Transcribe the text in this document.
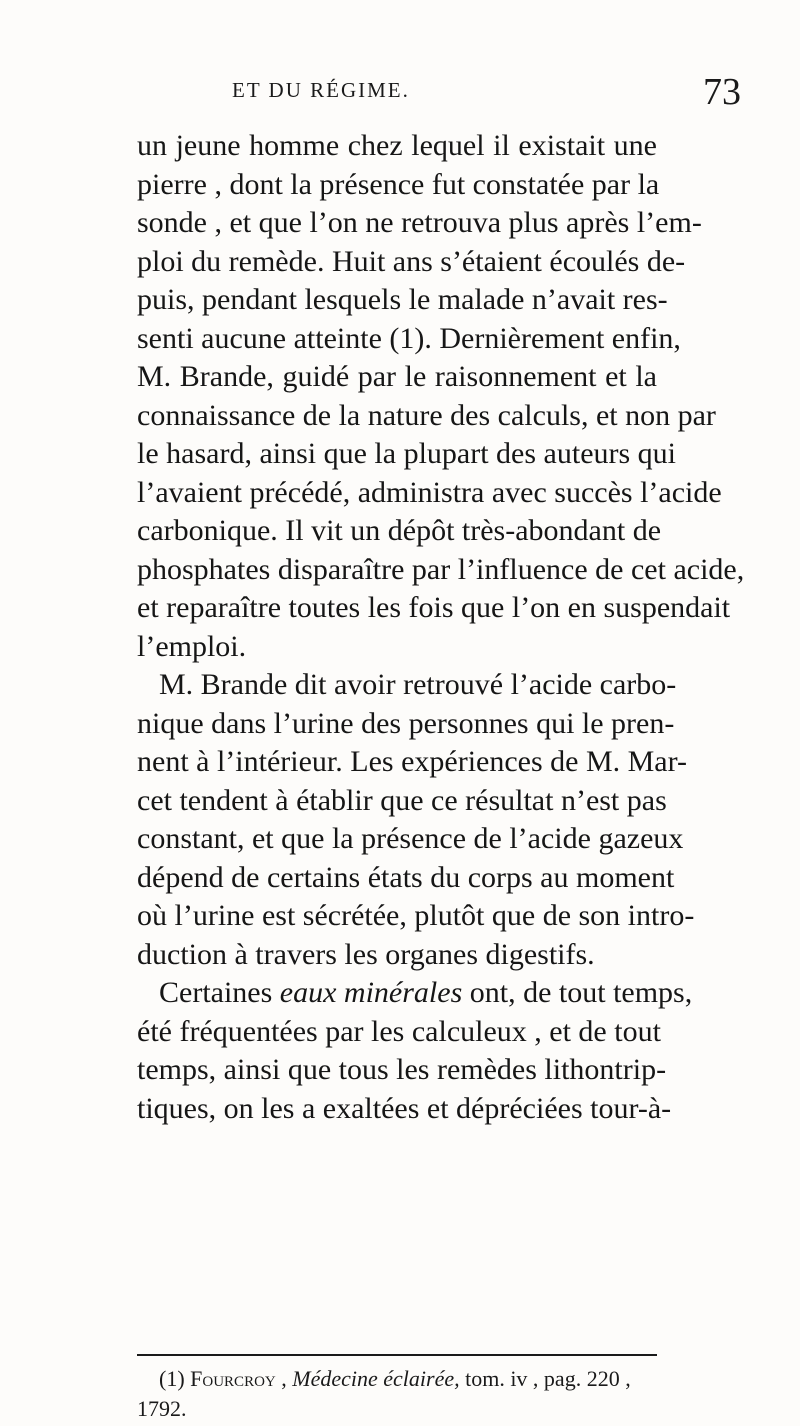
ET DU RÉGIME.	73
un jeune homme chez lequel il existait une
pierre , dont la présence fut constatée par la
sonde , et que l’on ne retrouva plus après l’em-
ploi du remède. Huit ans s’étaient écoulés de-
puis, pendant lesquels le malade n’avait res-
senti aucune atteinte (1). Dernièrement enfin,
M. Brande, guidé par le raisonnement et la
connaissance de la nature des calculs, et non par
le hasard, ainsi que la plupart des auteurs qui
l’avaient précédé, administra avec succès l’acide
carbonique. Il vit un dépôt très-abondant de
phosphates disparaître par l’influence de cet acide,
et reparaître toutes les fois que l’on en suspendait
l’emploi.
M. Brande dit avoir retrouvé l’acide carbo-
nique dans l’urine des personnes qui le pren-
nent à l’intérieur. Les expériences de M. Mar-
cet tendent à établir que ce résultat n’est pas
constant, et que la présence de l’acide gazeux
dépend de certains états du corps au moment
où l’urine est sécrétée, plutôt que de son intro-
duction à travers les organes digestifs.
Certaines eaux minérales ont, de tout temps,
été fréquentées par les calculeux , et de tout
temps, ainsi que tous les remèdes lithontrip-
tiques, on les a exaltées et dépréciées tour-à-
(1) Fourcroy , Médecine éclairée, tom. iv , pag. 220 ,
1792.
